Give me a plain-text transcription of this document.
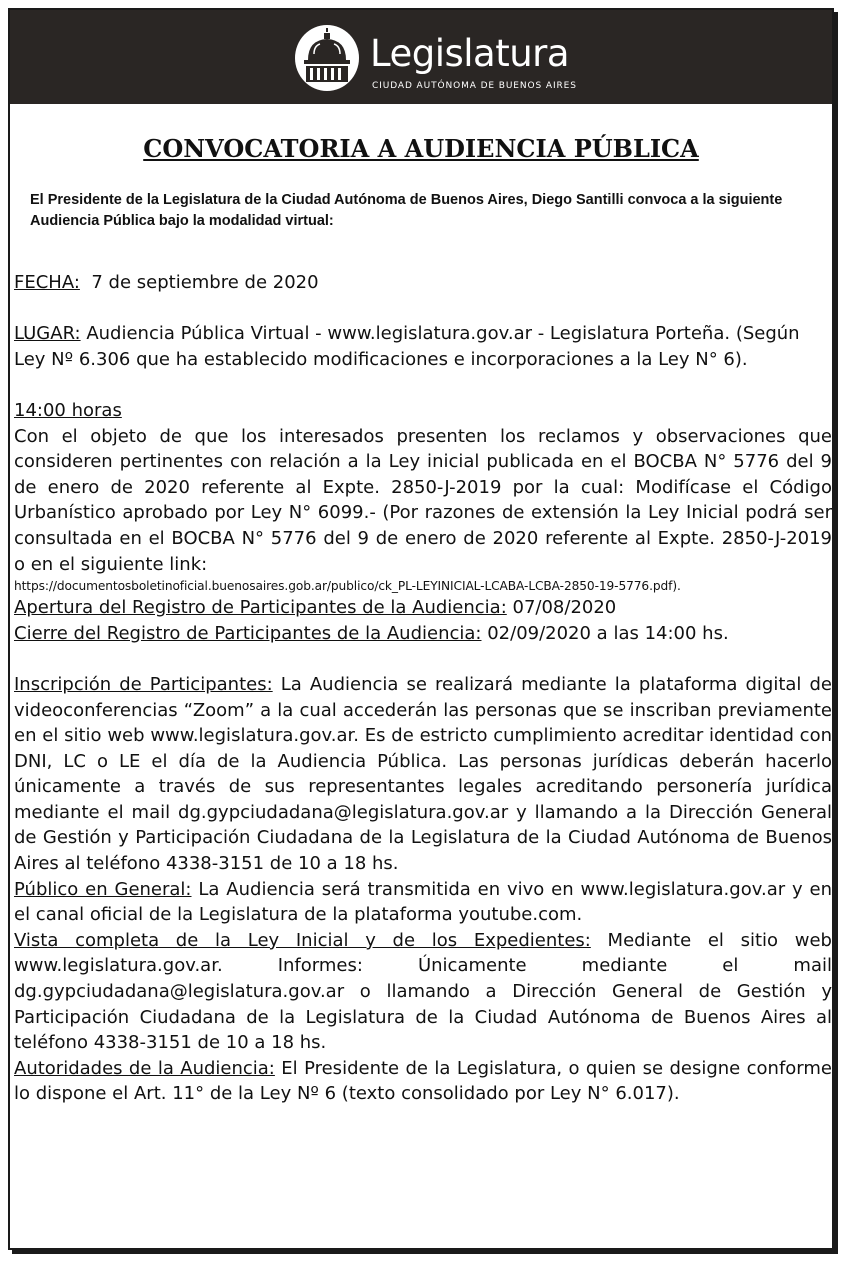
Legislatura
CIUDAD AUTÓNOMA DE BUENOS AIRES
CONVOCATORIA A AUDIENCIA PÚBLICA

El Presidente de la Legislatura de la Ciudad Autónoma de Buenos Aires, Diego Santilli convoca a la siguiente Audiencia Pública bajo la modalidad virtual:

FECHA: 7 de septiembre de 2020

LUGAR: Audiencia Pública Virtual - www.legislatura.gov.ar - Legislatura Porteña. (Según Ley Nº 6.306 que ha establecido modificaciones e incorporaciones a la Ley N° 6).

14:00 horas

Con el objeto de que los interesados presenten los reclamos y observaciones que consideren pertinentes con relación a la Ley inicial publicada en el BOCBA N° 5776 del 9 de enero de 2020 referente al Expte. 2850-J-2019 por la cual: Modifícase el Código Urbanístico aprobado por Ley N° 6099.- (Por razones de extensión la Ley Inicial podrá ser consultada en el BOCBA N° 5776 del 9 de enero de 2020 referente al Expte. 2850-J-2019 o en el siguiente link:

https://documentosboletinoficial.buenosaires.gob.ar/publico/ck_PL-LEYINICIAL-LCABA-LCBA-2850-19-5776.pdf).

Apertura del Registro de Participantes de la Audiencia: 07/08/2020

Cierre del Registro de Participantes de la Audiencia: 02/09/2020 a las 14:00 hs.

Inscripción de Participantes: La Audiencia se realizará mediante la plataforma digital de videoconferencias “Zoom” a la cual accederán las personas que se inscriban previamente en el sitio web www.legislatura.gov.ar. Es de estricto cumplimiento acreditar identidad con DNI, LC o LE el día de la Audiencia Pública. Las personas jurídicas deberán hacerlo únicamente a través de sus representantes legales acreditando personería jurídica mediante el mail dg.gypciudadana@legislatura.gov.ar y llamando a la Dirección General de Gestión y Participación Ciudadana de la Legislatura de la Ciudad Autónoma de Buenos Aires al teléfono 4338-3151 de 10 a 18 hs.

Público en General: La Audiencia será transmitida en vivo en www.legislatura.gov.ar y en el canal oficial de la Legislatura de la plataforma youtube.com.

Vista completa de la Ley Inicial y de los Expedientes: Mediante el sitio web www.legislatura.gov.ar. Informes: Únicamente mediante el mail dg.gypciudadana@legislatura.gov.ar o llamando a Dirección General de Gestión y Participación Ciudadana de la Legislatura de la Ciudad Autónoma de Buenos Aires al teléfono 4338-3151 de 10 a 18 hs.

Autoridades de la Audiencia: El Presidente de la Legislatura, o quien se designe conforme lo dispone el Art. 11° de la Ley Nº 6 (texto consolidado por Ley N° 6.017).
